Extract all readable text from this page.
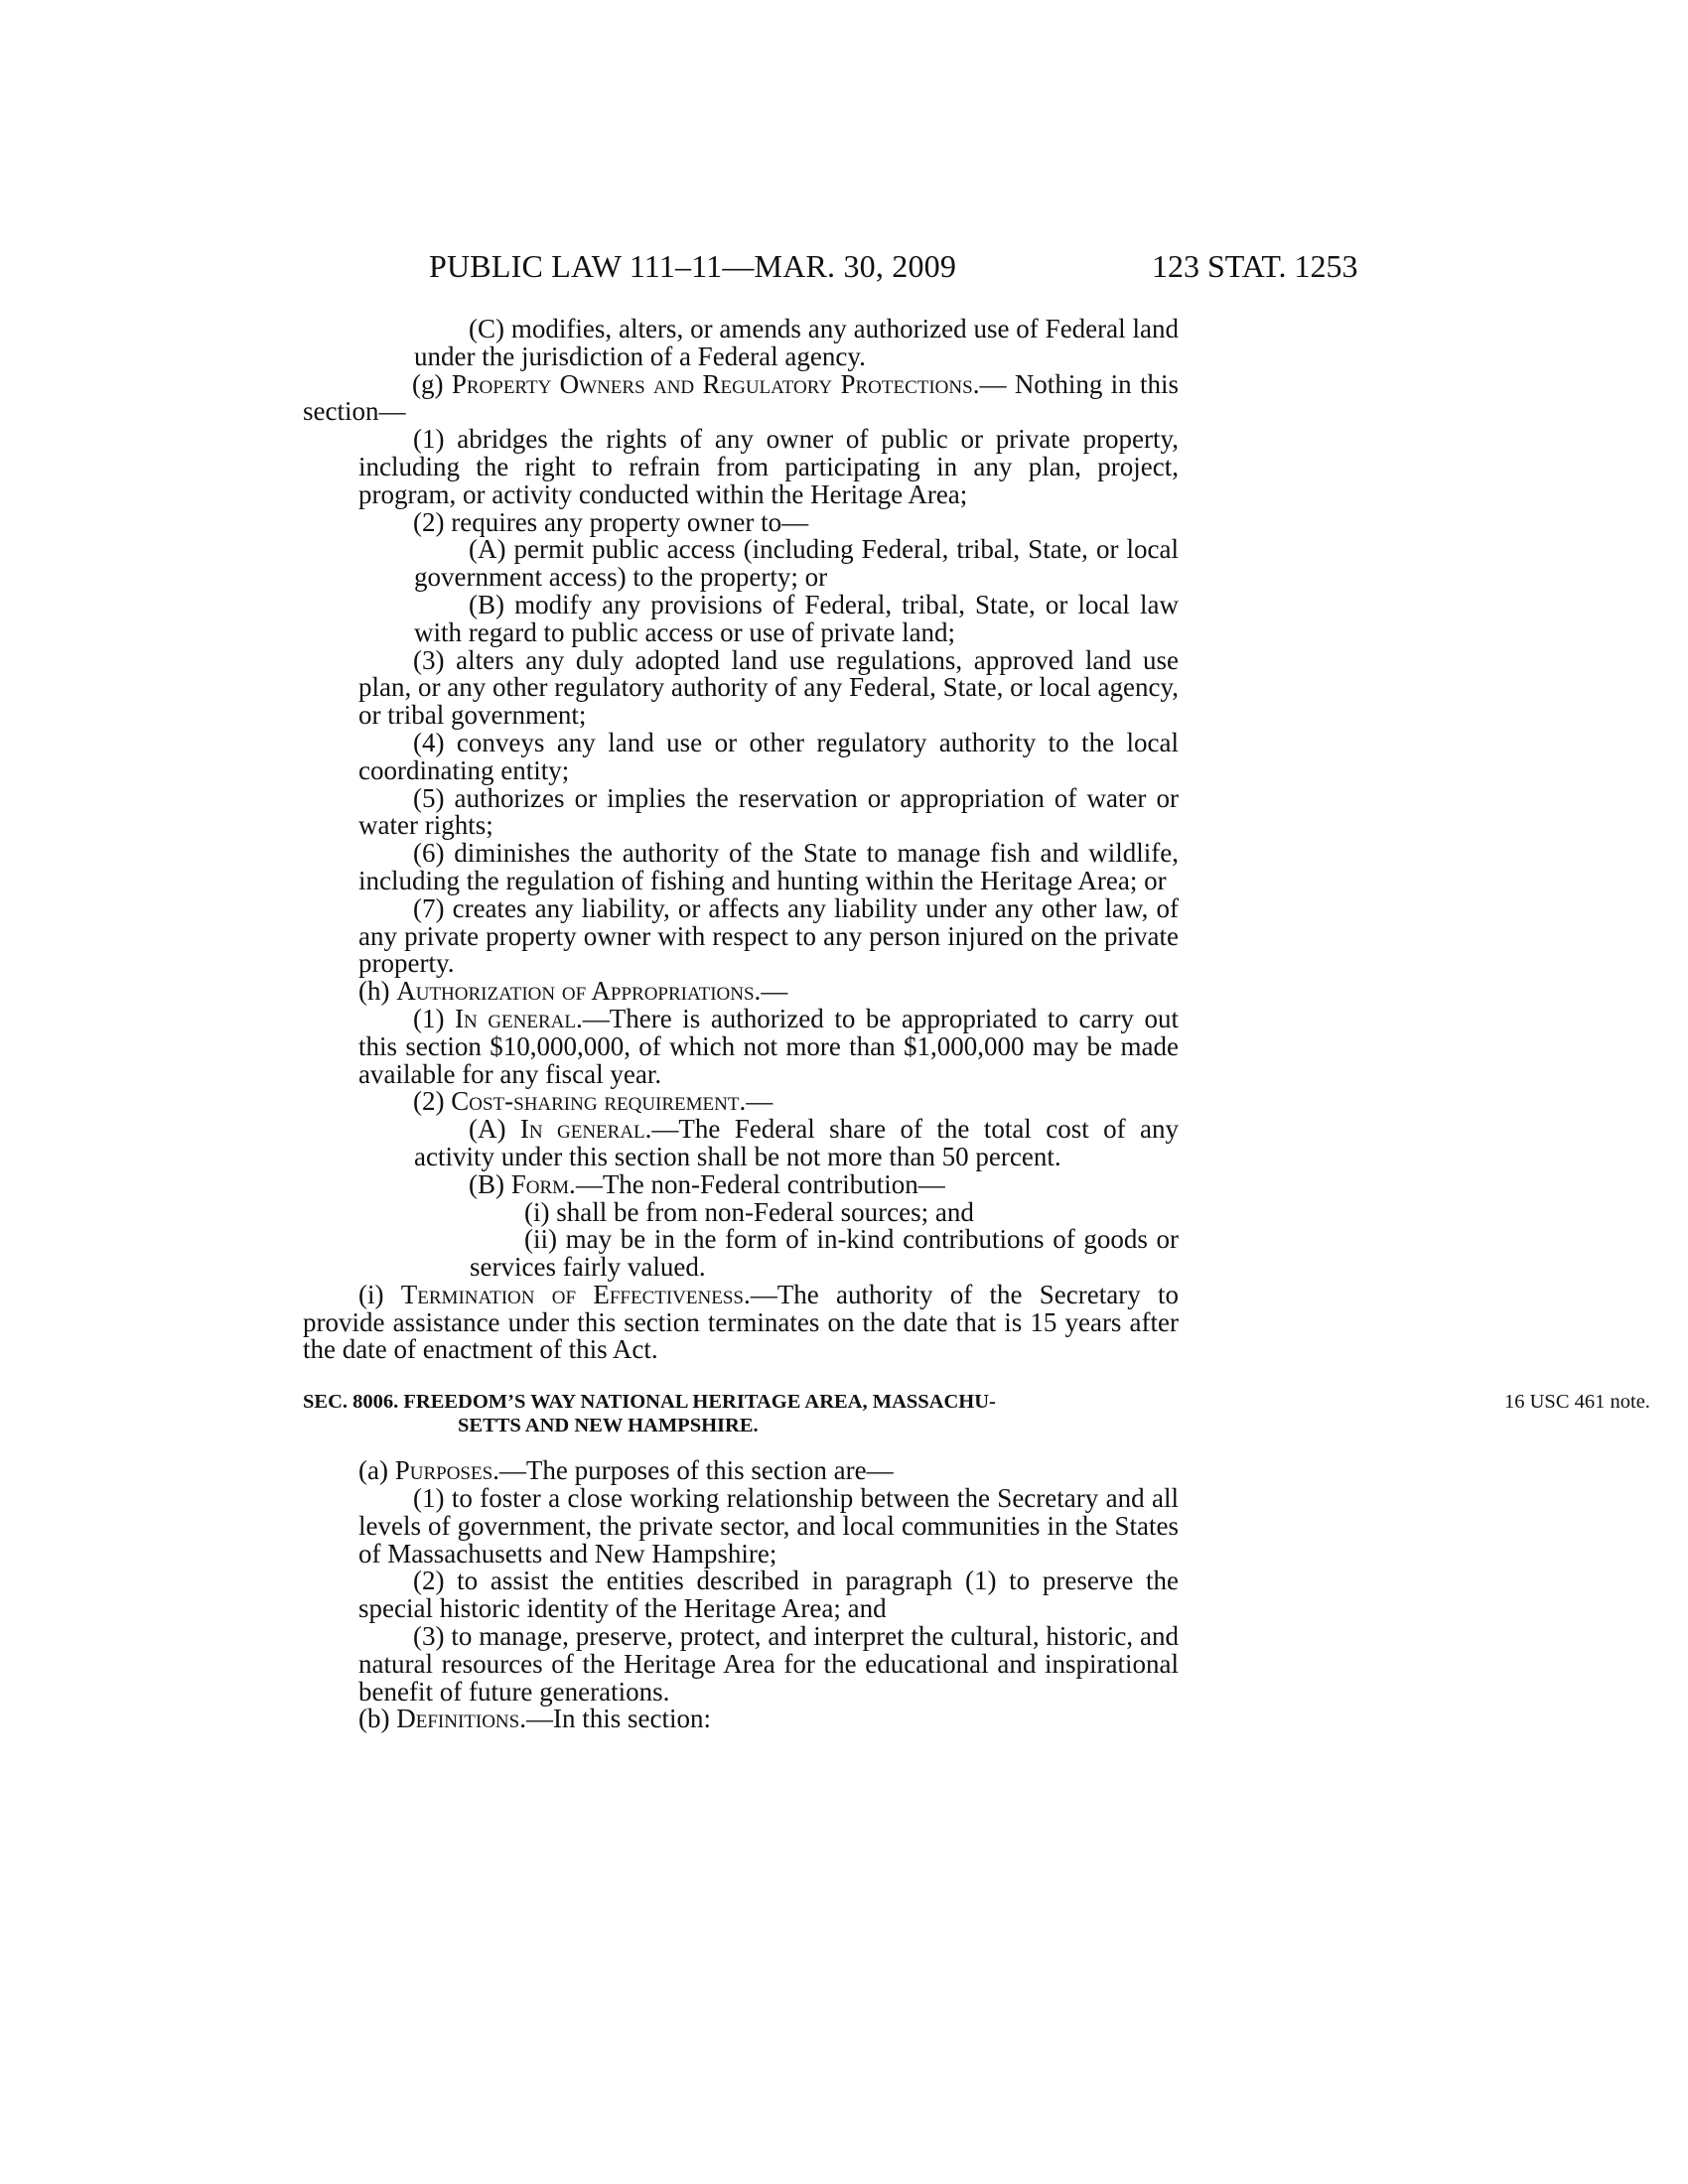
PUBLIC LAW 111–11—MAR. 30, 2009	123 STAT. 1253

(C) modifies, alters, or amends any authorized use of Federal land under the jurisdiction of a Federal agency.

(g) Property Owners and Regulatory Protections.— Nothing in this section—

(1) abridges the rights of any owner of public or private property, including the right to refrain from participating in any plan, project, program, or activity conducted within the Heritage Area;

(2) requires any property owner to—

(A) permit public access (including Federal, tribal, State, or local government access) to the property; or

(B) modify any provisions of Federal, tribal, State, or local law with regard to public access or use of private land;

(3) alters any duly adopted land use regulations, approved land use plan, or any other regulatory authority of any Federal, State, or local agency, or tribal government;

(4) conveys any land use or other regulatory authority to the local coordinating entity;

(5) authorizes or implies the reservation or appropriation of water or water rights;

(6) diminishes the authority of the State to manage fish and wildlife, including the regulation of fishing and hunting within the Heritage Area; or

(7) creates any liability, or affects any liability under any other law, of any private property owner with respect to any person injured on the private property.

(h) Authorization of Appropriations.—

(1) In general.—There is authorized to be appropriated to carry out this section $10,000,000, of which not more than $1,000,000 may be made available for any fiscal year.

(2) Cost-sharing requirement.—

(A) In general.—The Federal share of the total cost of any activity under this section shall be not more than 50 percent.

(B) Form.—The non-Federal contribution—

(i) shall be from non-Federal sources; and

(ii) may be in the form of in-kind contributions of goods or services fairly valued.

(i) Termination of Effectiveness.—The authority of the Secretary to provide assistance under this section terminates on the date that is 15 years after the date of enactment of this Act.

SEC. 8006. FREEDOM’S WAY NATIONAL HERITAGE AREA, MASSACHU-
SETTS AND NEW HAMPSHIRE.
16 USC 461 note.

(a) Purposes.—The purposes of this section are—

(1) to foster a close working relationship between the Secretary and all levels of government, the private sector, and local communities in the States of Massachusetts and New Hampshire;

(2) to assist the entities described in paragraph (1) to preserve the special historic identity of the Heritage Area; and

(3) to manage, preserve, protect, and interpret the cultural, historic, and natural resources of the Heritage Area for the educational and inspirational benefit of future generations.

(b) Definitions.—In this section:
